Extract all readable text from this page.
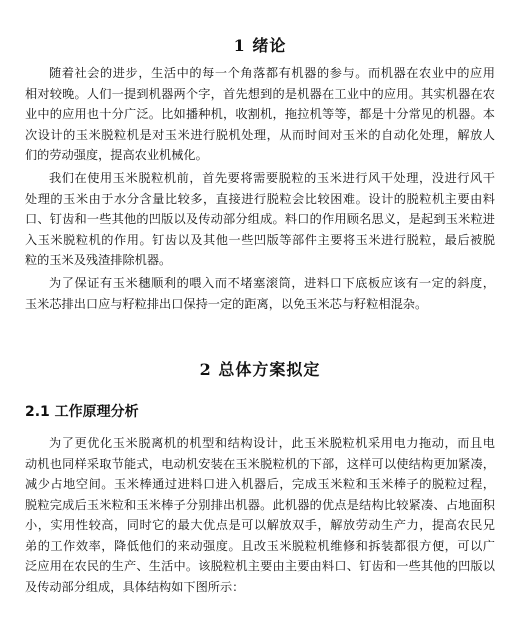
1 绪论
随着社会的进步，生活中的每一个角落都有机器的参与。而机器在农业中的应用
相对较晚。人们一提到机器两个字，首先想到的是机器在工业中的应用。其实机器在农
业中的应用也十分广泛。比如播种机，收割机，拖拉机等等，都是十分常见的机器。本
次设计的玉米脱粒机是对玉米进行脱机处理，从而时间对玉米的自动化处理，解放人
们的劳动强度，提高农业机械化。
我们在使用玉米脱粒机前，首先要将需要脱粒的玉米进行风干处理，没进行风干
处理的玉米由于水分含量比较多，直接进行脱粒会比较困难。设计的脱粒机主要由料
口、钉齿和一些其他的凹版以及传动部分组成。料口的作用顾名思义，是起到玉米粒进
入玉米脱粒机的作用。钉齿以及其他一些凹版等部件主要将玉米进行脱粒，最后被脱
粒的玉米及残渣排除机器。
为了保证有玉米穗顺利的喂入而不堵塞滚筒，进料口下底板应该有一定的斜度，
玉米芯排出口应与籽粒排出口保持一定的距离，以免玉米芯与籽粒相混杂。
2 总体方案拟定
2.1 工作原理分析
为了更优化玉米脱离机的机型和结构设计，此玉米脱粒机采用电力拖动，而且电
动机也同样采取节能式，电动机安装在玉米脱粒机的下部，这样可以使结构更加紧凑，
减少占地空间。玉米棒通过进料口进入机器后，完成玉米粒和玉米棒子的脱粒过程，
脱粒完成后玉米粒和玉米棒子分别排出机器。此机器的优点是结构比较紧凑、占地面积
小，实用性较高，同时它的最大优点是可以解放双手，解放劳动生产力，提高农民兄
弟的工作效率，降低他们的来动强度。且改玉米脱粒机维修和拆装都很方便，可以广
泛应用在农民的生产、生活中。该脱粒机主要由主要由料口、钉齿和一些其他的凹版以
及传动部分组成，具体结构如下图所示：
